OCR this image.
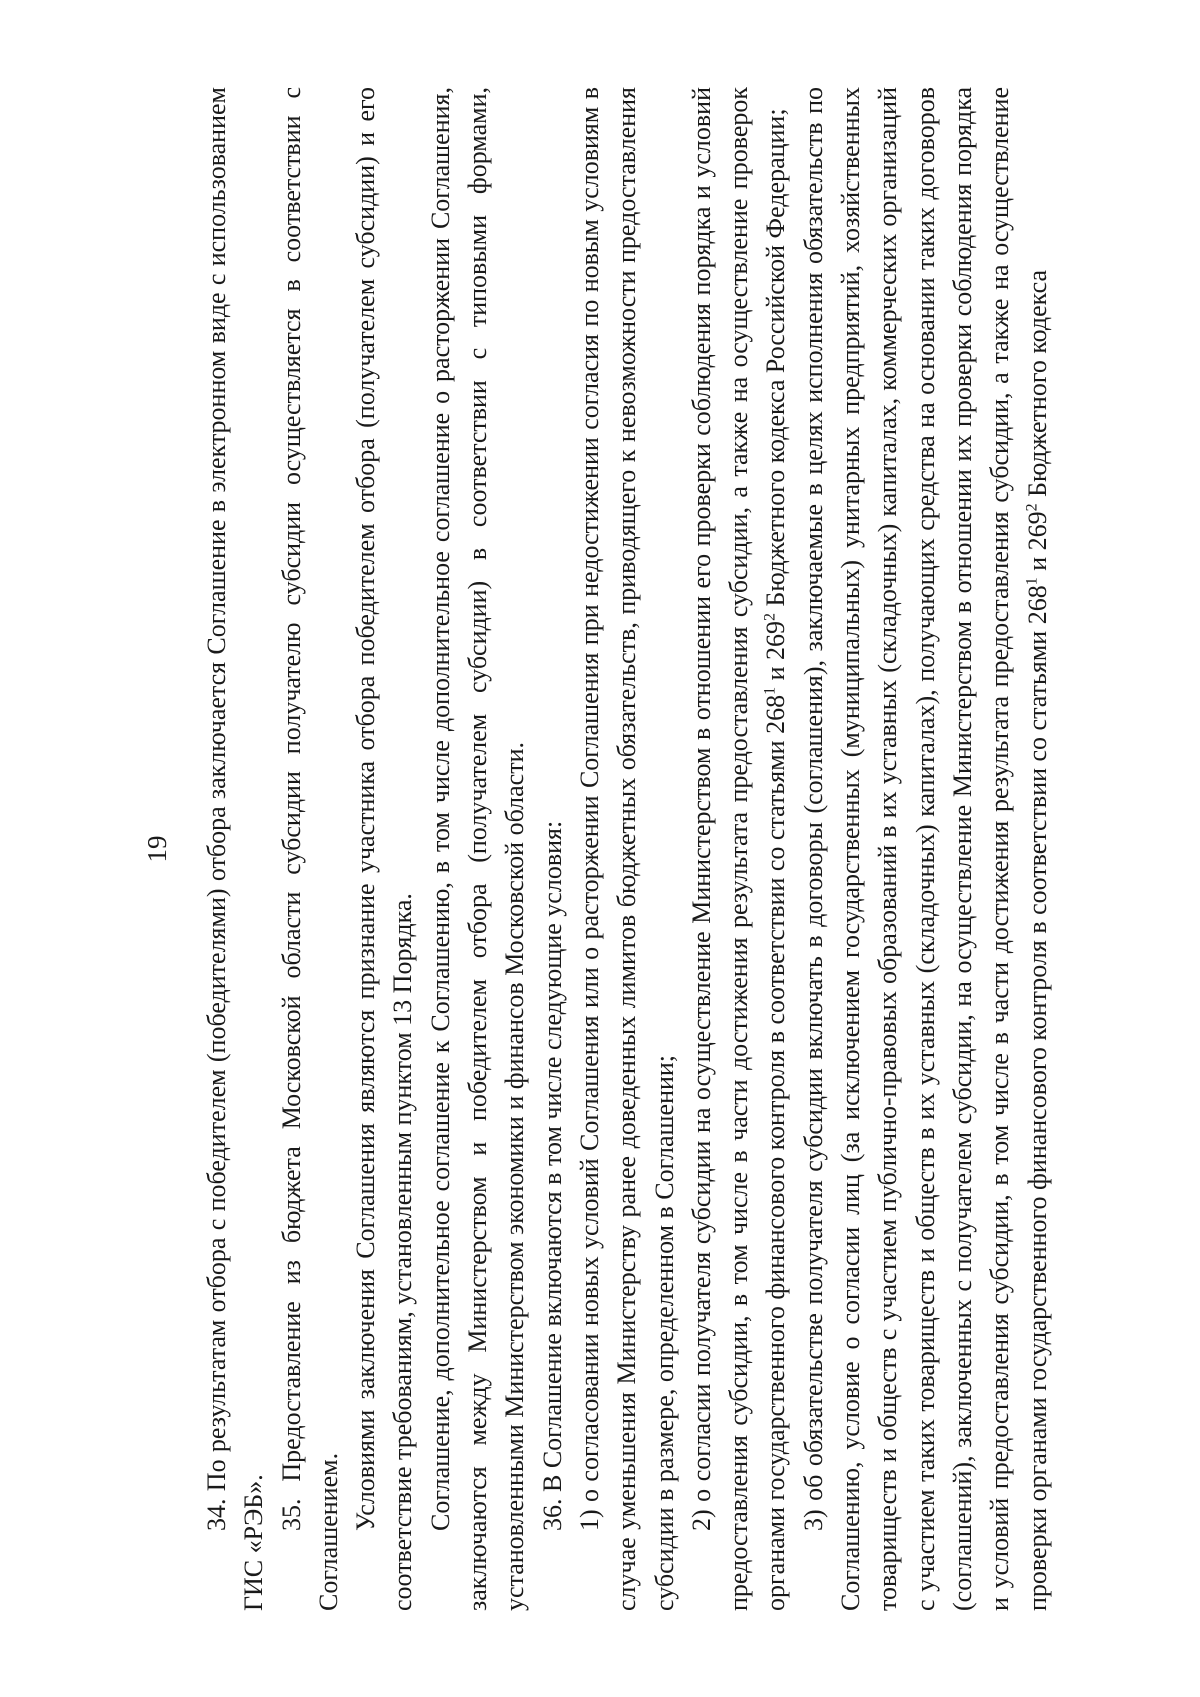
19 34. По результатам отбора с победителем (победителями) отбора заключается Соглашение в электронном виде с использованием ГИС «РЭБ».

35. Предоставление из бюджета Московской области субсидии получателю субсидии осуществляется в соответствии с Соглашением.

Условиями заключения Соглашения являются признание участника отбора победителем отбора (получателем субсидии) и его соответствие требованиям, установленным пунктом 13 Порядка. Соглашение, дополнительное соглашение к Соглашению, в том числе дополнительное соглашение о расторжении Соглашения, заключаются между Министерством и победителем отбора (получателем субсидии) в соответствии с типовыми формами, установленными Министерством экономики и финансов Московской области. 36. В Соглашение включаются в том числе следующие условия: 1) о согласовании новых условий Соглашения или о расторжении Соглашения при недостижении согласия по новым условиям в случае уменьшения Министерству ранее доведенных лимитов бюджетных обязательств, приводящего к невозможности предоставления субсидии в размере, определенном в Соглашении; 2) о согласии получателя субсидии на осуществление Министерством в отношении его проверки соблюдения порядка и условий предоставления субсидии, в том числе в части достижения результата предоставления субсидии, а также на осуществление проверок органами государственного финансового контроля в соответствии со статьями $268^1$ и $269^2$ Бюджетного кодекса Российской Федерации; 3) об обязательстве получателя субсидии включать в договоры (соглашения), заключаемые в целях исполнения обязательств по Соглашению, условие о согласии лиц (за исключением государственных (муниципальных) унитарных предприятий, хозяйственных товариществ и обществ с участием публично-правовых образований в их уставных (складочных) капиталах, коммерческих организаций с участием таких товариществ и обществ в их уставных (складочных) капиталах), получающих средства на основании таких договоров (соглашений), заключенных с получателем субсидии, на осуществление Министерством в отношении их проверки соблюдения порядка и условий предоставления субсидии, в том числе в части достижения результата предоставления субсидии, а также на осуществление проверки органами государственного финансового контроля в соответствии со статьями $268^1$ и $269^2$ Бюджетного кодекса
